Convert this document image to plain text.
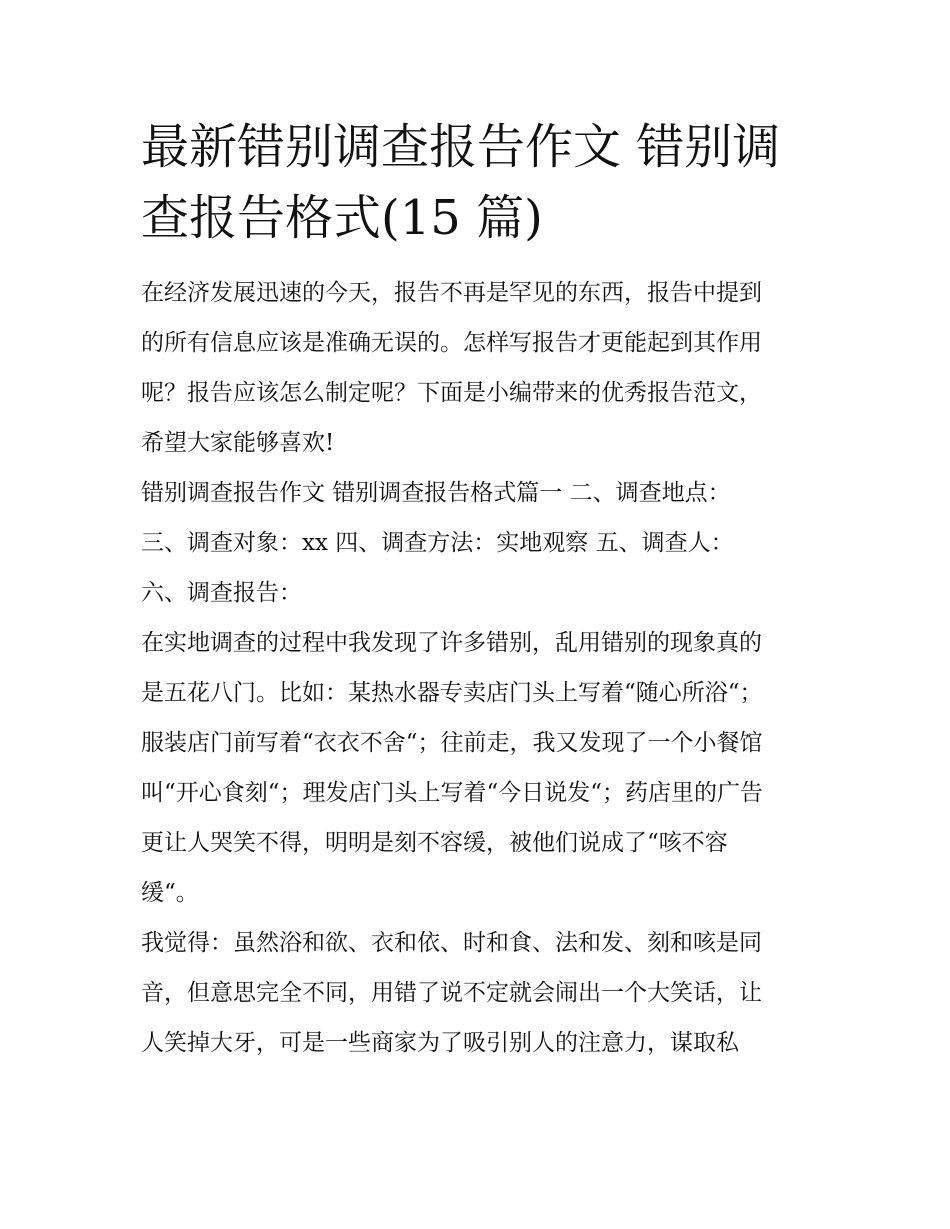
最新错别调查报告作文 错别调
查报告格式(15 篇)

在经济发展迅速的今天，报告不再是罕见的东西，报告中提到
的所有信息应该是准确无误的。怎样写报告才更能起到其作用
呢？报告应该怎么制定呢？下面是小编带来的优秀报告范文，
希望大家能够喜欢!

错别调查报告作文 错别调查报告格式篇一 二、调查地点：
三、调查对象：xx 四、调查方法：实地观察 五、调查人：
六、调查报告：

在实地调查的过程中我发现了许多错别，乱用错别的现象真的
是五花八门。比如：某热水器专卖店门头上写着“随心所浴“；
服装店门前写着“衣衣不舍“；往前走，我又发现了一个小餐馆
叫“开心食刻“；理发店门头上写着“今日说发“；药店里的广告
更让人哭笑不得，明明是刻不容缓，被他们说成了“咳不容
缓“。

我觉得：虽然浴和欲、衣和依、时和食、法和发、刻和咳是同
音，但意思完全不同，用错了说不定就会闹出一个大笑话，让
人笑掉大牙，可是一些商家为了吸引别人的注意力，谋取私
